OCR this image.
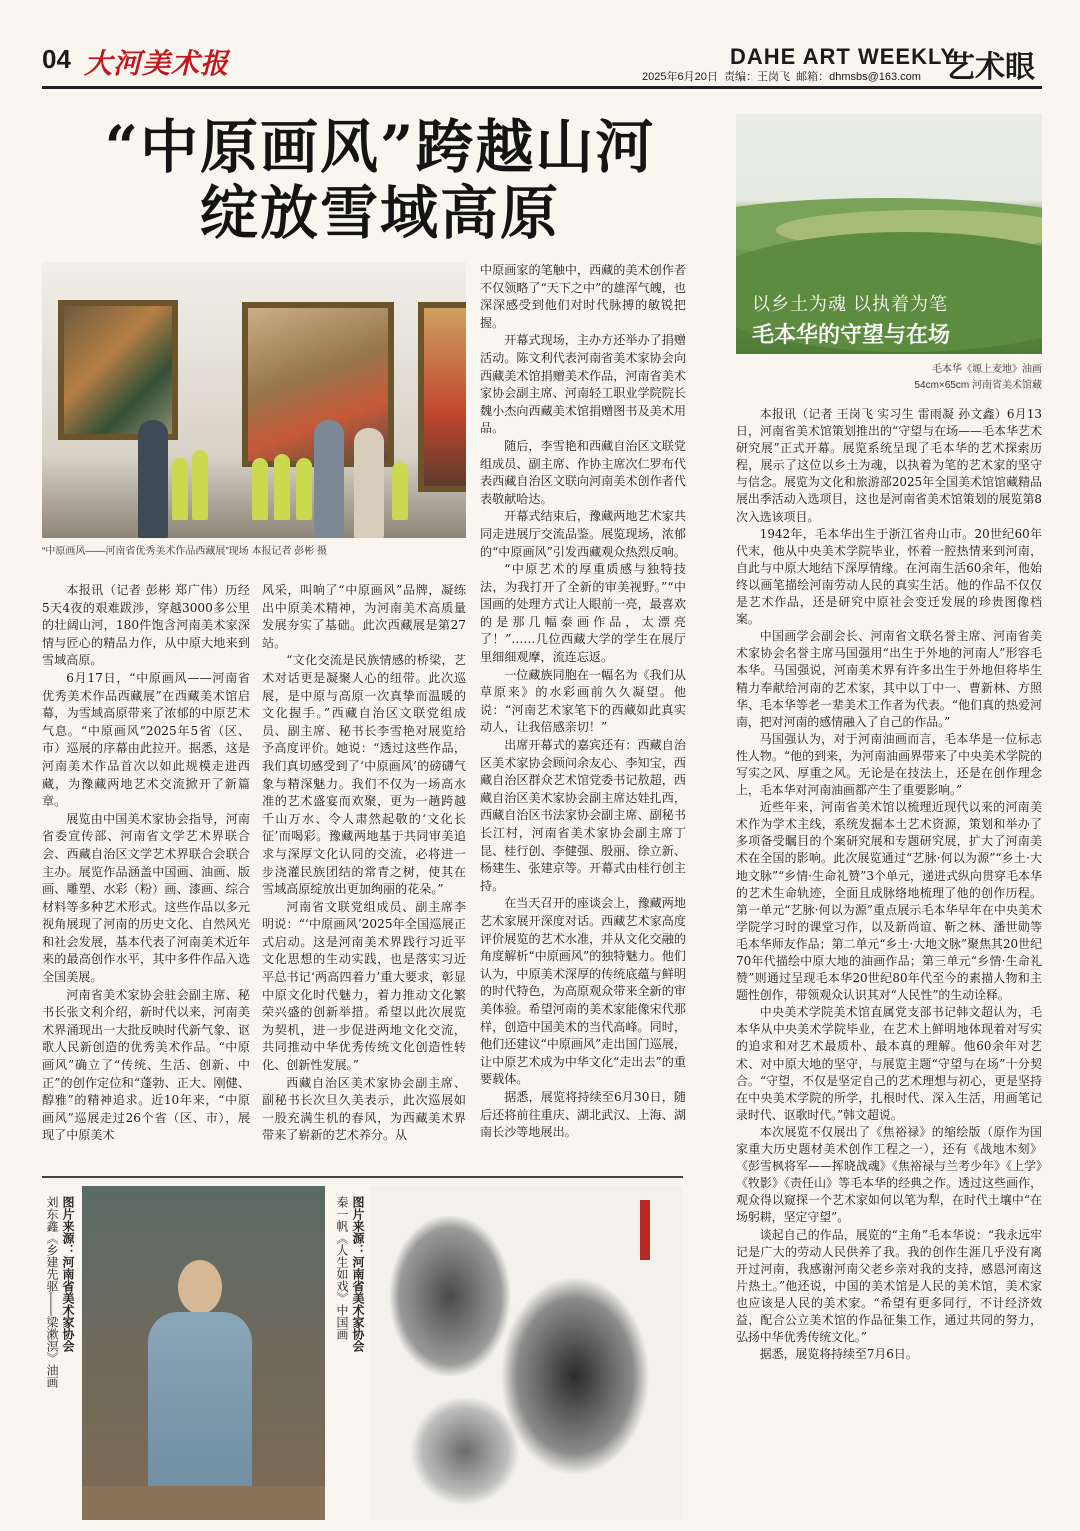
04 大河美术报	DAHE ART WEEKLY
艺术眼
2025年6月20日 责编：王岗飞 邮箱：dhmsbs@163.com
“中原画风”跨越山河
绽放雪域高原
“中原画风——河南省优秀美术作品西藏展”现场 本报记者 彭彬 摄

本报讯（记者 彭彬 郑广伟）历经5天4夜的艰难跋涉，穿越3000多公里的壮阔山河，180件饱含河南美术家深情与匠心的精品力作，从中原大地来到雪域高原。

6月17日，“中原画风——河南省优秀美术作品西藏展”在西藏美术馆启幕，为雪域高原带来了浓郁的中原艺术气息。“中原画风”2025年5省（区、市）巡展的序幕由此拉开。据悉，这是河南美术作品首次以如此规模走进西藏，为豫藏两地艺术交流掀开了新篇章。

展览由中国美术家协会指导，河南省委宣传部、河南省文学艺术界联合会、西藏自治区文学艺术界联合会联合主办。展览作品涵盖中国画、油画、版画、雕塑、水彩（粉）画、漆画、综合材料等多种艺术形式。这些作品以多元视角展现了河南的历史文化、自然风光和社会发展，基本代表了河南美术近年来的最高创作水平，其中多件作品入选全国美展。

河南省美术家协会驻会副主席、秘书长张文利介绍，新时代以来，河南美术界涌现出一大批反映时代新气象、讴歌人民新创造的优秀美术作品。“中原画风”确立了“传统、生活、创新、中正”的创作定位和“蓬勃、正大、刚健、醇雅”的精神追求。近10年来，“中原画风”巡展走过26个省（区、市），展现了中原美术

风采，叫响了“中原画风”品牌，凝练出中原美术精神，为河南美术高质量发展夯实了基础。此次西藏展是第27站。

“文化交流是民族情感的桥梁，艺术对话更是凝聚人心的纽带。此次巡展，是中原与高原一次真挚而温暖的文化握手。”西藏自治区文联党组成员、副主席、秘书长李雪艳对展览给予高度评价。她说：“透过这些作品，我们真切感受到了‘中原画风’的磅礴气象与精深魅力。我们不仅为一场高水准的艺术盛宴而欢聚，更为一趟跨越千山万水、令人肃然起敬的‘文化长征’而喝彩。豫藏两地基于共同审美追求与深厚文化认同的交流，必将进一步浇灌民族团结的常青之树，使其在雪域高原绽放出更加绚丽的花朵。”

河南省文联党组成员、副主席李明说：“‘中原画风’2025年全国巡展正式启动。这是河南美术界践行习近平文化思想的生动实践，也是落实习近平总书记‘两高四着力’重大要求，彰显中原文化时代魅力，着力推动文化繁荣兴盛的创新举措。希望以此次展览为契机，进一步促进两地文化交流，共同推动中华优秀传统文化创造性转化、创新性发展。”

西藏自治区美术家协会副主席、副秘书长次旦久美表示，此次巡展如一股充满生机的春风，为西藏美术界带来了崭新的艺术养分。从

中原画家的笔触中，西藏的美术创作者不仅领略了“天下之中”的雄浑气魄，也深深感受到他们对时代脉搏的敏锐把握。

开幕式现场，主办方还举办了捐赠活动。陈文利代表河南省美术家协会向西藏美术馆捐赠美术作品，河南省美术家协会副主席、河南轻工职业学院院长魏小杰向西藏美术馆捐赠图书及美术用品。

随后，李雪艳和西藏自治区文联党组成员、副主席、作协主席次仁罗布代表西藏自治区文联向河南美术创作者代表敬献哈达。

开幕式结束后，豫藏两地艺术家共同走进展厅交流品鉴。展览现场，浓郁的“中原画风”引发西藏观众热烈反响。

“中原艺术的厚重质感与独特技法，为我打开了全新的审美视野。”“中国画的处理方式让人眼前一亮，最喜欢的是那几幅泰画作品，太漂亮了！”……几位西藏大学的学生在展厅里细细观摩，流连忘返。

一位藏族同胞在一幅名为《我们从草原来》的水彩画前久久凝望。他说：“河南艺术家笔下的西藏如此真实动人，让我倍感亲切！”

出席开幕式的嘉宾还有：西藏自治区美术家协会顾问余友心、李知宝，西藏自治区群众艺术馆党委书记敖超，西藏自治区美术家协会副主席达娃扎西，西藏自治区书法家协会副主席、副秘书长江村，河南省美术家协会副主席丁昆、桂行创、李健强、殷丽、徐立新、杨建生、张建京等。开幕式由桂行创主持。

在当天召开的座谈会上，豫藏两地艺术家展开深度对话。西藏艺术家高度评价展览的艺术水准，并从文化交融的角度解析“中原画风”的独特魅力。他们认为，中原美术深厚的传统底蕴与鲜明的时代特色，为高原观众带来全新的审美体验。希望河南的美术家能像宋代那样，创造中国美术的当代高峰。同时，他们还建议“中原画风”走出国门巡展，让中原艺术成为中华文化“走出去”的重要载体。

据悉，展览将持续至6月30日，随后还将前往重庆、湖北武汉、上海、湖南长沙等地展出。

以乡土为魂 以执着为笔
毛本华的守望与在场
毛本华《塬上麦地》油画
54cm×65cm 河南省美术馆藏

本报讯（记者 王岗飞 实习生 雷雨凝 孙文鑫）6月13日，河南省美术馆策划推出的“守望与在场——毛本华艺术研究展”正式开幕。展览系统呈现了毛本华的艺术探索历程，展示了这位以乡土为魂，以执着为笔的艺术家的坚守与信念。展览为文化和旅游部2025年全国美术馆馆藏精品展出季活动入选项目，这也是河南省美术馆策划的展览第8次入选该项目。

1942年，毛本华出生于浙江省舟山市。20世纪60年代末，他从中央美术学院毕业，怀着一腔热情来到河南，自此与中原大地结下深厚情缘。在河南生活60余年，他始终以画笔描绘河南劳动人民的真实生活。他的作品不仅仅是艺术作品，还是研究中原社会变迁发展的珍贵图像档案。

中国画学会副会长、河南省文联名誉主席、河南省美术家协会名誉主席马国强用“出生于外地的河南人”形容毛本华。马国强说，河南美术界有许多出生于外地但将毕生精力奉献给河南的艺术家，其中以丁中一、曹新林、方照华、毛本华等老一辈美术工作者为代表。“他们真的热爱河南，把对河南的感情融入了自己的作品。”

马国强认为，对于河南油画而言，毛本华是一位标志性人物。“他的到来，为河南油画界带来了中央美术学院的写实之风、厚重之风。无论是在技法上，还是在创作理念上，毛本华对河南油画都产生了重要影响。”

近些年来，河南省美术馆以梳理近现代以来的河南美术作为学术主线，系统发掘本土艺术资源，策划和举办了多项备受瞩目的个案研究展和专题研究展，扩大了河南美术在全国的影响。此次展览通过“艺脉·何以为源”“乡土·大地文脉”“乡情·生命礼赞”3个单元，递进式纵向贯穿毛本华的艺术生命轨迹，全面且成脉络地梳理了他的创作历程。第一单元“艺脉·何以为源”重点展示毛本华早年在中央美术学院学习时的课堂习作，以及新尚谊、靳之林、潘世勋等毛本华师友作品；第二单元“乡土·大地文脉”聚焦其20世纪70年代描绘中原大地的油画作品；第三单元“乡情·生命礼赞”则通过呈现毛本华20世纪80年代至今的素描人物和主题性创作，带领观众认识其对“人民性”的生动诠释。

中央美术学院美术馆直属党支部书记韩文超认为，毛本华从中央美术学院毕业，在艺术上鲜明地体现着对写实的追求和对艺术最质朴、最本真的理解。他60余年对艺术、对中原大地的坚守，与展览主题“守望与在场”十分契合。“守望，不仅是坚定自己的艺术理想与初心，更是坚持在中央美术学院的所学，扎根时代、深入生活，用画笔记录时代、讴歌时代。”韩文超说。

本次展览不仅展出了《焦裕禄》的缩绘版（原作为国家重大历史题材美术创作工程之一），还有《战地木刻》《彭雪枫将军——挥晓战魂》《焦裕禄与兰考少年》《上学》《牧影》《责任山》等毛本华的经典之作。透过这些画作，观众得以窥探一个艺术家如何以笔为犁，在时代土壤中“在场躬耕，坚定守望”。

谈起自己的作品，展览的“主角”毛本华说：“我永远牢记是广大的劳动人民供养了我。我的创作生涯几乎没有离开过河南，我感谢河南父老乡亲对我的支持，感恩河南这片热土。”他还说，中国的美术馆是人民的美术馆，美术家也应该是人民的美术家。“希望有更多同行，不计经济效益，配合公立美术馆的作品征集工作，通过共同的努力，弘扬中华优秀传统文化。”

据悉，展览将持续至7月6日。

图片来源：河南省美术家协会
刘东鑫《乡建先驱——梁漱溟》油画	图片来源：河南省美术家协会
秦一帆《人生如戏》中国画
